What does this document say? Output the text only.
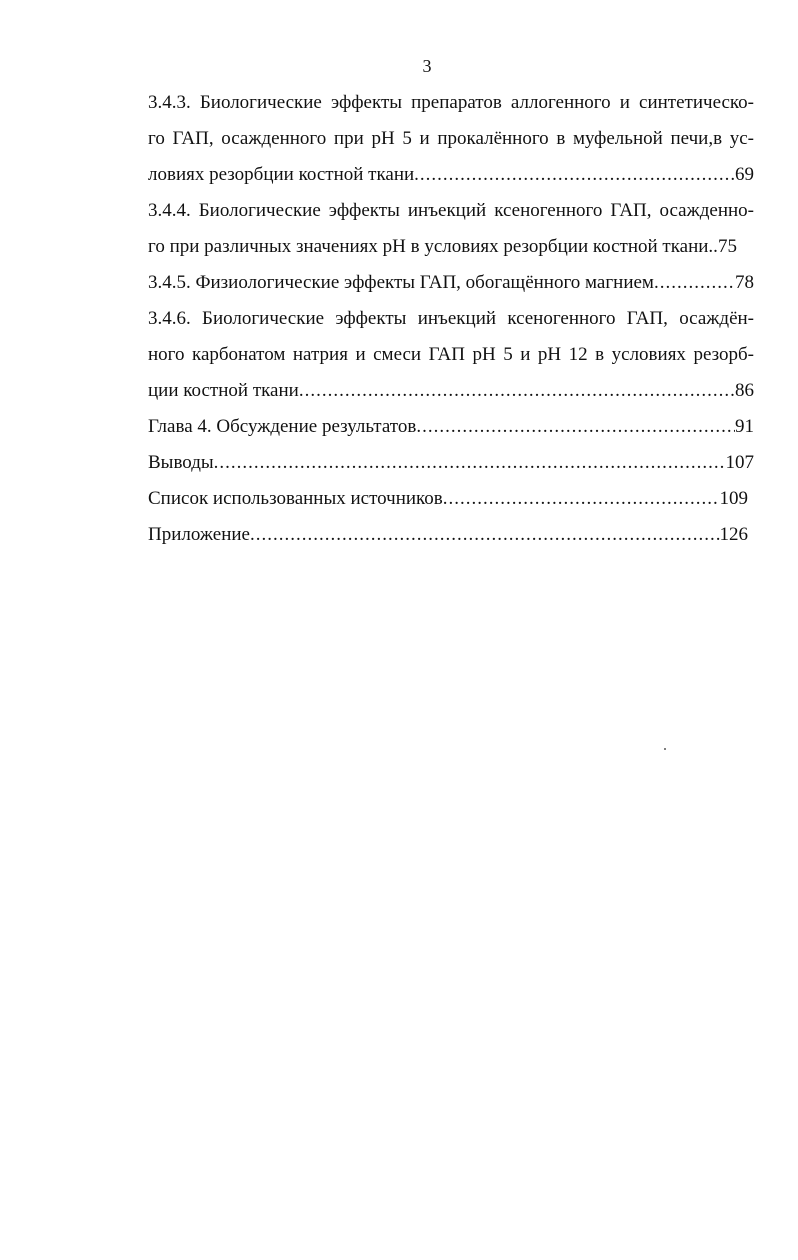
3
3.4.3. Биологические эффекты препаратов аллогенного и синтетическо-
го ГАП, осажденного при pH 5 и прокалённого в муфельной печи,в ус-
ловиях резорбции костной ткани .....	69
3.4.4. Биологические эффекты инъекций ксеногенного ГАП, осажденно-
го при различных значениях pH в условиях резорбции костной ткани.. 75
3.4.5. Физиологические эффекты ГАП, обогащённого магнием .....	78
3.4.6. Биологические эффекты инъекций ксеногенного ГАП, осаждён-
ного карбонатом натрия и смеси ГАП pH 5 и pH 12 в условиях резорб-
ции костной ткани .....	86
Глава 4. Обсуждение результатов .....	91
Выводы .....	107
Список использованных источников .....	109
Приложение .....	126
